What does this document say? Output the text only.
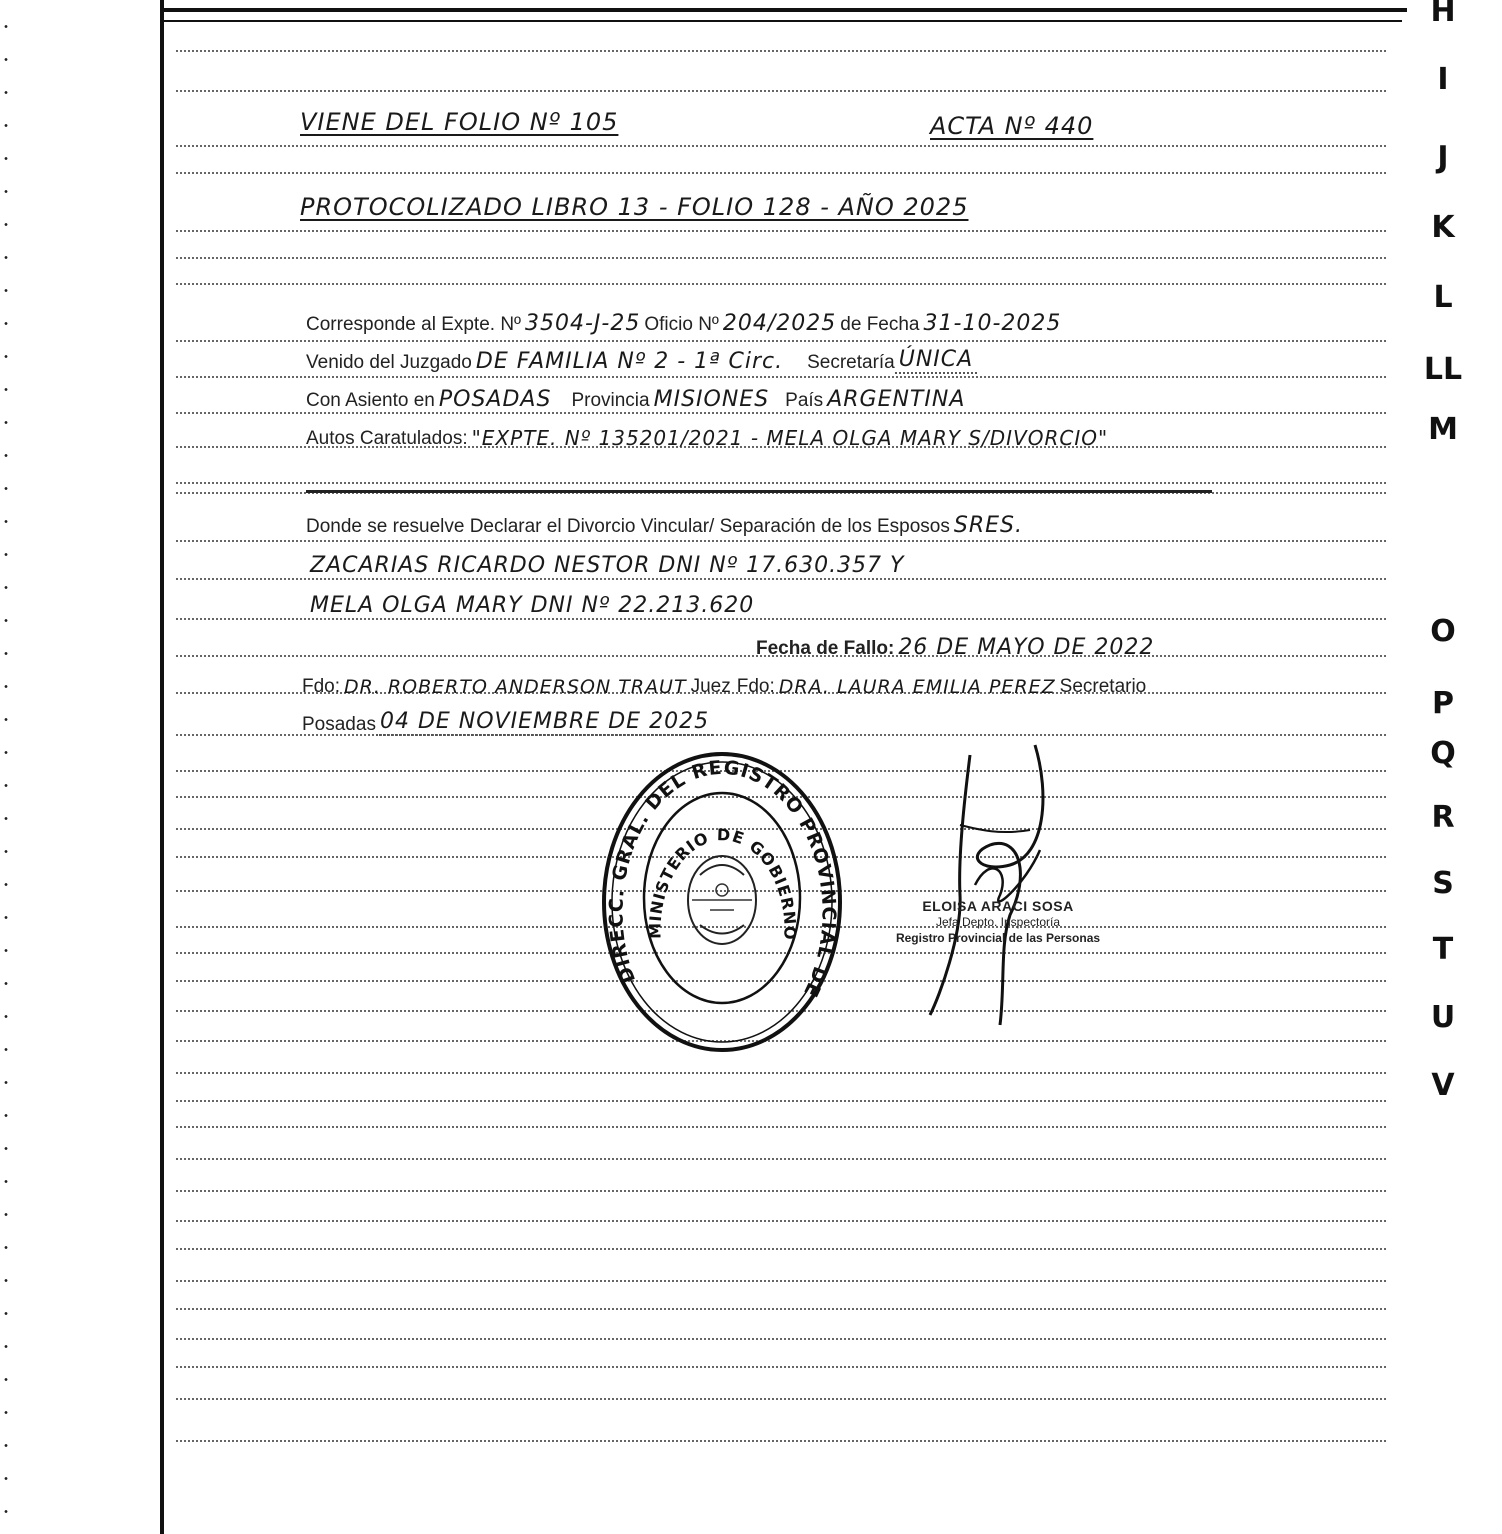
H
I
J
K
L
LL
M
O
P
Q
R
S
T
U
V
VIENE DEL FOLIO Nº 105	ACTA Nº 440
PROTOCOLIZADO LIBRO 13 - FOLIO 128 - AÑO 2025
Corresponde al Expte. Nº 3504-J-25 Oficio Nº 204/2025 de Fecha 31-10-2025
Venido del Juzgado DE FAMILIA Nº 2 - 1ª Circ. Secretaría ÚNICA
Con Asiento en POSADAS Provincia MISIONES País ARGENTINA
Autos Caratulados: "EXPTE. Nº 135201/2021 - MELA OLGA MARY S/DIVORCIO"
Donde se resuelve Declarar el Divorcio Vincular/ Separación de los Esposos SRES.
ZACARIAS RICARDO NESTOR DNI Nº 17.630.357 Y
MELA OLGA MARY DNI Nº 22.213.620
Fecha de Fallo: 26 DE MAYO DE 2022
Fdo: DR. ROBERTO ANDERSON TRAUT Juez Fdo: DRA. LAURA EMILIA PEREZ Secretario
Posadas 04 DE NOVIEMBRE DE 2025
DIRECC. GRAL. DEL REGISTRO PROVINCIAL DE
MINISTERIO DE GOBIERNO
ELOISA ARACI SOSA
Jefa Depto. Inspectoría
Registro Provincial de las Personas
